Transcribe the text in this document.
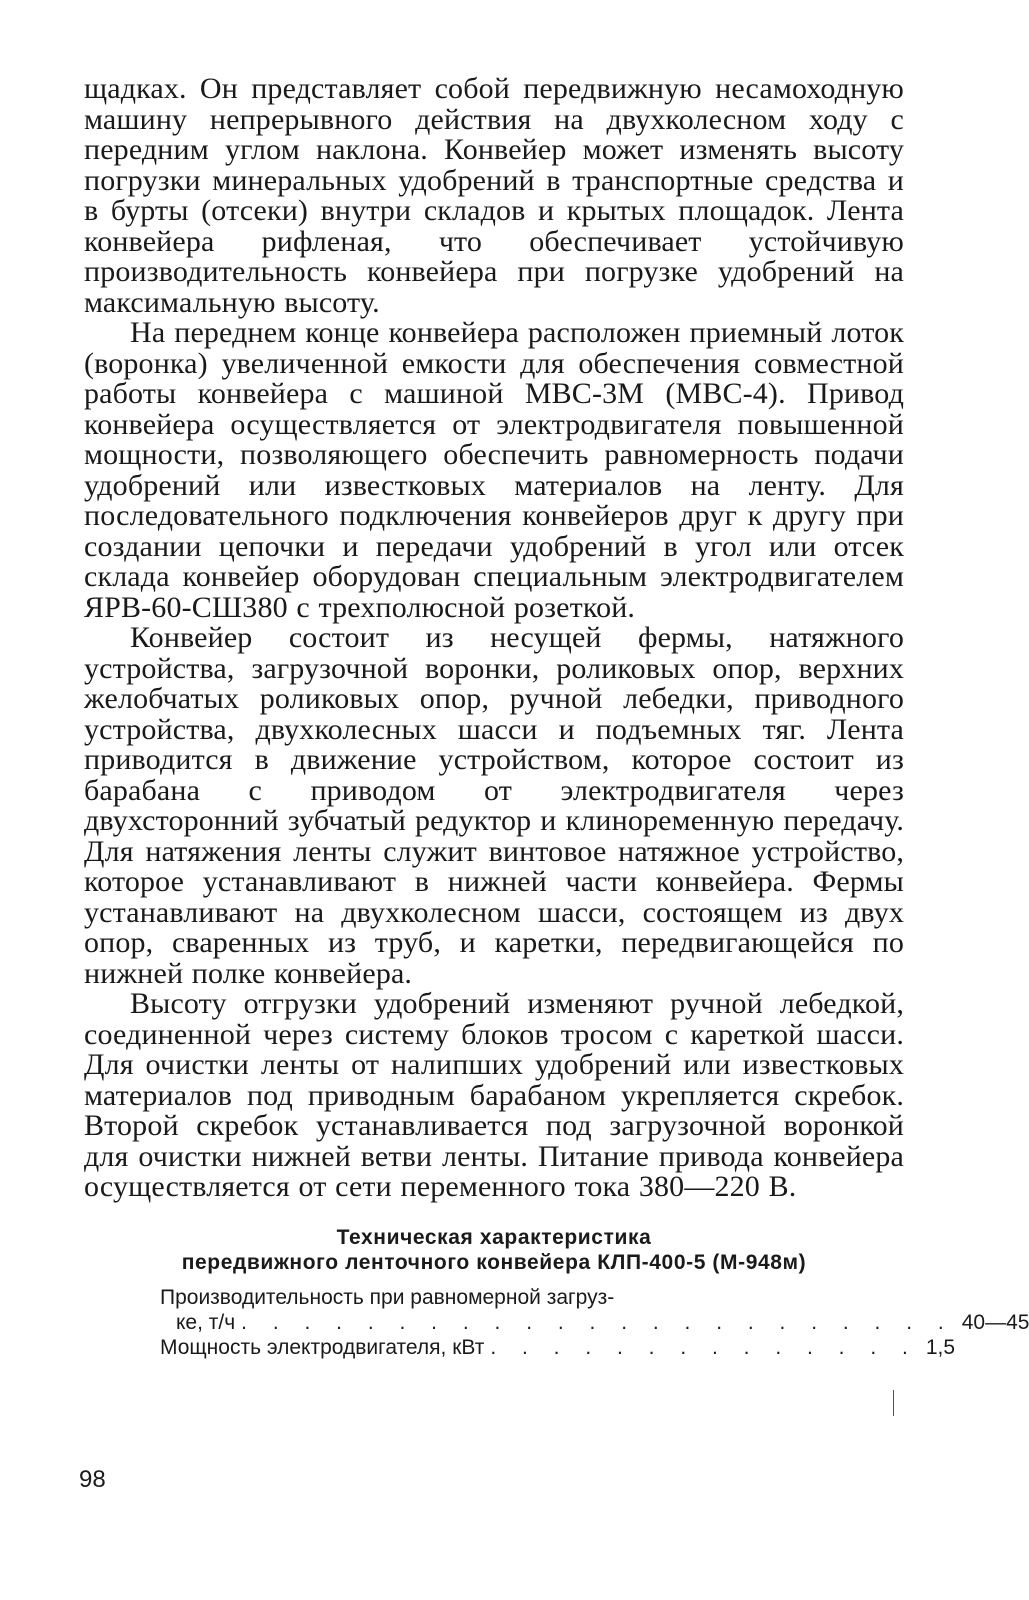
щадках. Он представляет собой передвижную несамоходную машину непрерывного действия на двухколесном ходу с передним углом наклона. Конвейер может изменять высоту погрузки минеральных удобрений в транспортные средства и в бурты (отсеки) внутри складов и крытых площадок. Лента конвейера рифленая, что обеспечивает устойчивую производительность конвейера при погрузке удобрений на максимальную высоту.

На переднем конце конвейера расположен приемный лоток (воронка) увеличенной емкости для обеспечения совместной работы конвейера с машиной МВС-3М (МВС-4). Привод конвейера осуществляется от электродвигателя повышенной мощности, позволяющего обеспечить равномерность подачи удобрений или известковых материалов на ленту. Для последовательного подключения конвейеров друг к другу при создании цепочки и передачи удобрений в угол или отсек склада конвейер оборудован специальным электродвигателем ЯРВ-60-СШ380 с трехполюсной розеткой.

Конвейер состоит из несущей фермы, натяжного устройства, загрузочной воронки, роликовых опор, верхних желобчатых роликовых опор, ручной лебедки, приводного устройства, двухколесных шасси и подъемных тяг. Лента приводится в движение устройством, которое состоит из барабана с приводом от электродвигателя через двухсторонний зубчатый редуктор и клиноременную передачу. Для натяжения ленты служит винтовое натяжное устройство, которое устанавливают в нижней части конвейера. Фермы устанавливают на двухколесном шасси, состоящем из двух опор, сваренных из труб, и каретки, передвигающейся по нижней полке конвейера.

Высоту отгрузки удобрений изменяют ручной лебедкой, соединенной через систему блоков тросом с кареткой шасси. Для очистки ленты от налипших удобрений или известковых материалов под приводным барабаном укрепляется скребок. Второй скребок устанавливается под загрузочной воронкой для очистки нижней ветви ленты. Питание привода конвейера осуществляется от сети переменного тока 380—220 В.

Техническая характеристика
передвижного ленточного конвейера КЛП-400-5 (М-948м)
Производительность при равномерной загруз-
ке, т/ч . . . . . . . . . . . . . . . . . . . . . . . 40—45
Мощность электродвигателя, кВт . . . . . . . . . . . . . . 1,5
98
